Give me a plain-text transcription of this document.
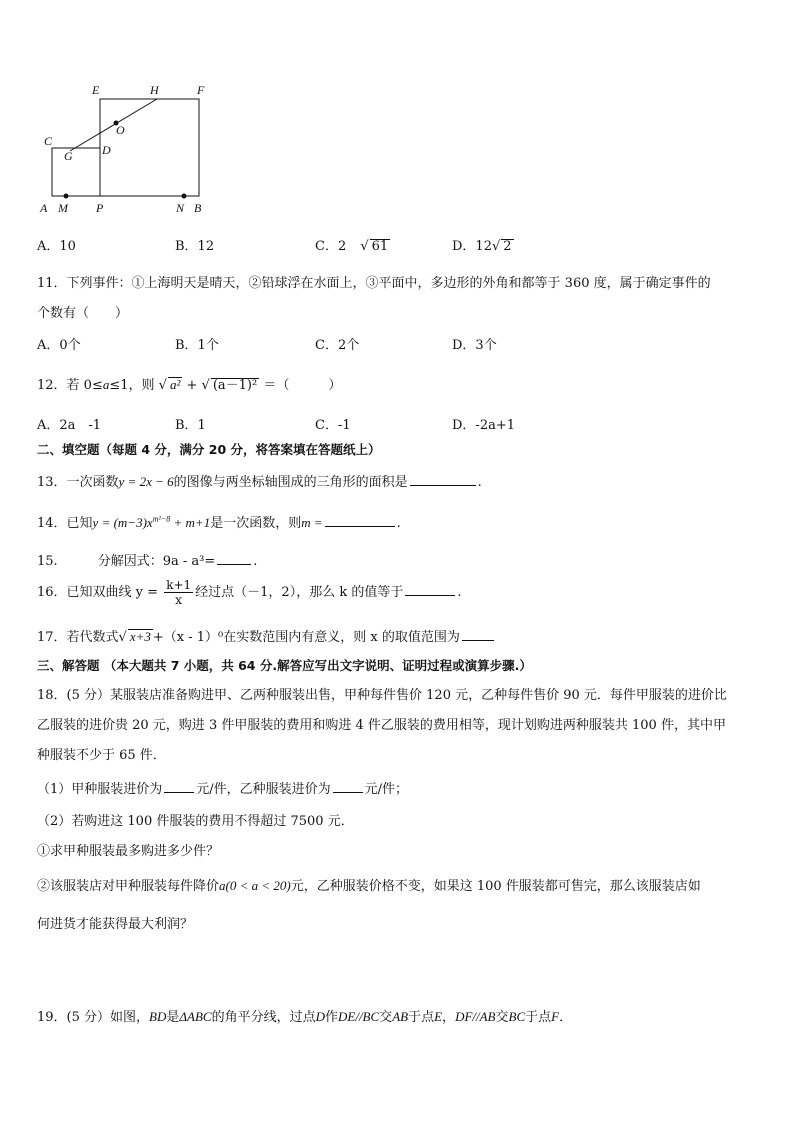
E	H	F
O
C
G D
A M P	N B
A．10	B．12	C．2 √ 61	D．12√ 2
11．下列事件：①上海明天是晴天，②铅球浮在水面上，③平面中，多边形的外角和都等于 360 度，属于确定事件的
个数有（　　）
A．0个	B．1个	C．2个	D．3个
12．若 0≤a≤1，则 √ a² + √ (a－1)² ＝（　　　）
A．2a　-1	B．1	C．-1	D．-2a+1
二、填空题（每题 4 分，满分 20 分，将答案填在答题纸上）
13．一次函数y = 2x − 6的图像与两坐标轴围成的三角形的面积是	.
14．已知$y = (m-3)x^{m^2-8} + m+1$是一次函数，则m =	.
15.	分解因式：9a - a³=	.
16．已知双曲线 $y = \frac{k+1}{x}$ 经过点（－1，2），那么 k 的值等于	.
17．若代数式√ x+3 +（x - 1）⁰在实数范围内有意义，则 x 的取值范围为
三、解答题 （本大题共 7 小题，共 64 分.解答应写出文字说明、证明过程或演算步骤.）
18．(5 分）某服装店准备购进甲、乙两种服装出售，甲种每件售价 120 元，乙种每件售价 90 元．每件甲服装的进价比
乙服装的进价贵 20 元，购进 3 件甲服装的费用和购进 4 件乙服装的费用相等，现计划购进两种服装共 100 件，其中甲
种服装不少于 65 件．
（1）甲种服装进价为	元/件，乙种服装进价为	元/件；
（2）若购进这 100 件服装的费用不得超过 7500 元．
①求甲种服装最多购进多少件？
②该服装店对甲种服装每件降价a(0 < a < 20)元，乙种服装价格不变，如果这 100 件服装都可售完，那么该服装店如
何进货才能获得最大利润？
19．(5 分）如图，BD是ΔABC的角平分线，过点D作DE//BC交AB于点E，DF//AB交BC于点F．
